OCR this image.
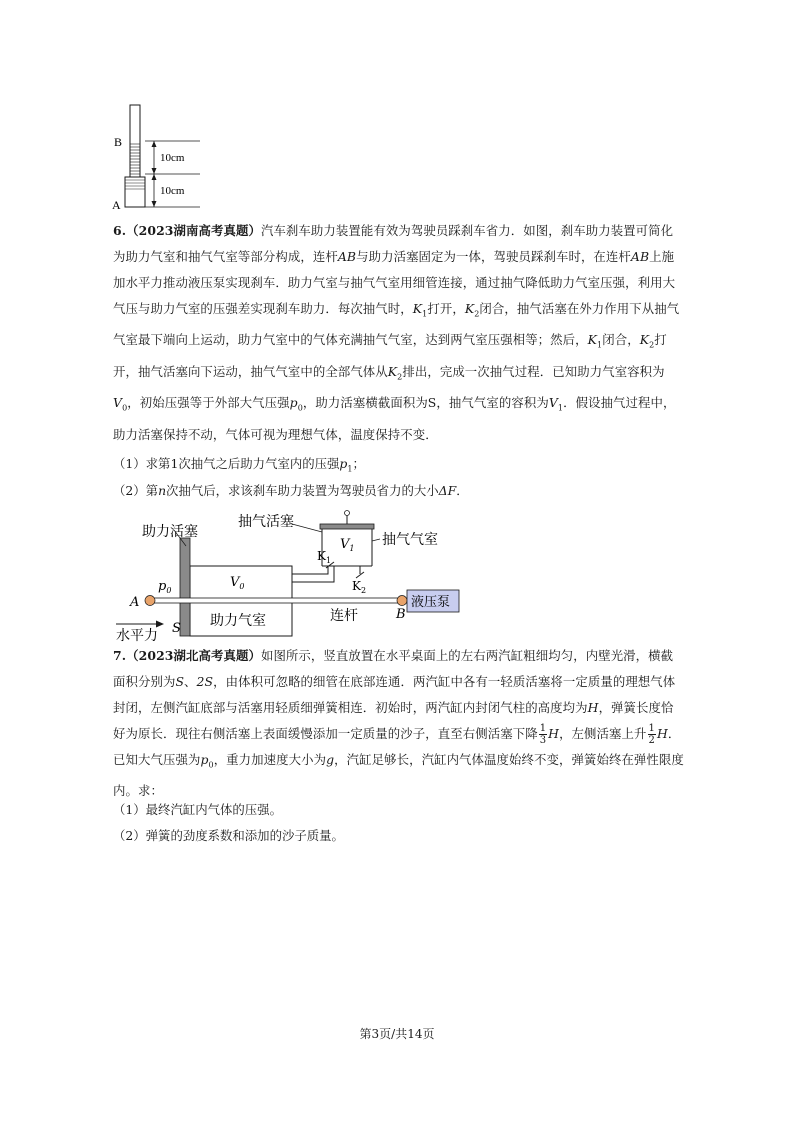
B
A
10cm
10cm

6.（2023湖南高考真题）汽车刹车助力装置能有效为驾驶员踩刹车省力．如图，刹车助力装置可简化为助力气室和抽气气室等部分构成，连杆AB与助力活塞固定为一体，驾驶员踩刹车时，在连杆AB上施加水平力推动液压泵实现刹车．助力气室与抽气气室用细管连接，通过抽气降低助力气室压强，利用大气压与助力气室的压强差实现刹车助力．每次抽气时，$K_1$打开，$K_2$闭合，抽气活塞在外力作用下从抽气气室最下端向上运动，助力气室中的气体充满抽气气室，达到两气室压强相等；然后，$K_1$闭合，$K_2$打开，抽气活塞向下运动，抽气气室中的全部气体从$K_2$排出，完成一次抽气过程．已知助力气室容积为$V_0$，初始压强等于外部大气压强$p_0$，助力活塞横截面积为S，抽气气室的容积为$V_1$．假设抽气过程中，助力活塞保持不动，气体可视为理想气体，温度保持不变．

（1）求第1次抽气之后助力气室内的压强$p_1$；
（2）第n次抽气后，求该刹车助力装置为驾驶员省力的大小ΔF．
助力活塞
抽气活塞
抽气气室
$V_1$
$K_1$
$K_2$
$p_0$
$V_0$
A
水平力 S 助力气室	连杆	B
液压泵

7.（2023湖北高考真题）如图所示，竖直放置在水平桌面上的左右两汽缸粗细均匀，内壁光滑，横截面积分别为S、2S，由体积可忽略的细管在底部连通．两汽缸中各有一轻质活塞将一定质量的理想气体封闭，左侧汽缸底部与活塞用轻质细弹簧相连．初始时，两汽缸内封闭气柱的高度均为H，弹簧长度恰好为原长．现往右侧活塞上表面缓慢添加一定质量的沙子，直至右侧活塞下降 $\frac{1}{3}$ H，左侧活塞上升 $\frac{1}{2}$ H．已知大气压强为$p_0$，重力加速度大小为g，汽缸足够长，汽缸内气体温度始终不变，弹簧始终在弹性限度内。求：

（1）最终汽缸内气体的压强。
（2）弹簧的劲度系数和添加的沙子质量。
第3页/共14页
